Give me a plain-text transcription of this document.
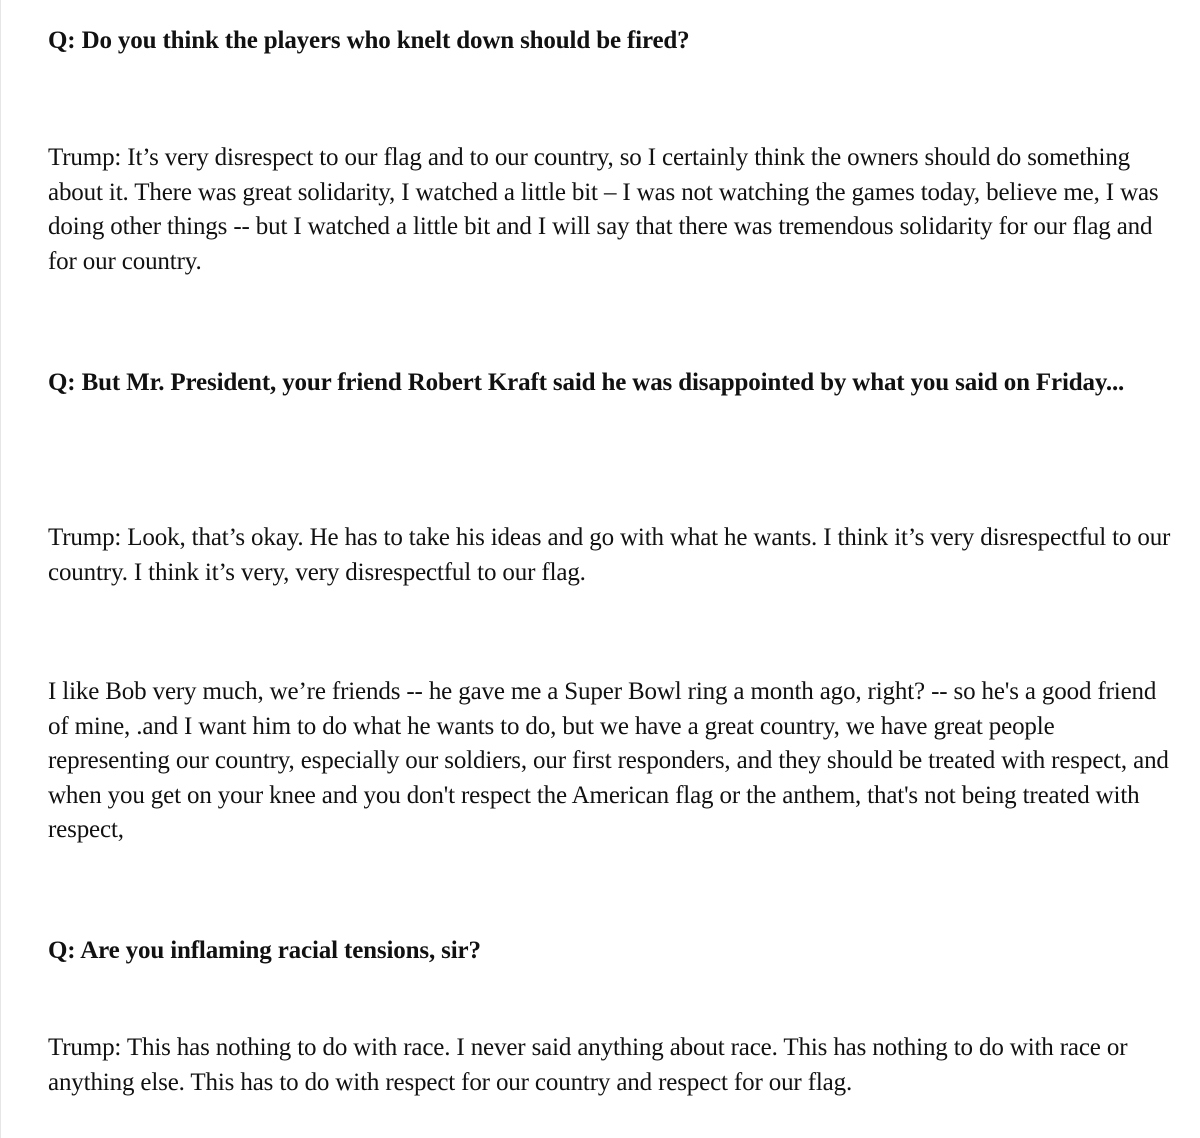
Q: Do you think the players who knelt down should be fired?

Trump: It’s very disrespect to our flag and to our country, so I certainly think the owners should do something about it. There was great solidarity, I watched a little bit – I was not watching the games today, believe me, I was doing other things -- but I watched a little bit and I will say that there was tremendous solidarity for our flag and for our country.

Q: But Mr. President, your friend Robert Kraft said he was disappointed by what you said on Friday...

Trump: Look, that’s okay. He has to take his ideas and go with what he wants. I think it’s very disrespectful to our country. I think it’s very, very disrespectful to our flag.

I like Bob very much, we’re friends -- he gave me a Super Bowl ring a month ago, right? -- so he's a good friend of mine, .and I want him to do what he wants to do, but we have a great country, we have great people representing our country, especially our soldiers, our first responders, and they should be treated with respect, and when you get on your knee and you don't respect the American flag or the anthem, that's not being treated with respect,

Q: Are you inflaming racial tensions, sir?

Trump: This has nothing to do with race. I never said anything about race. This has nothing to do with race or anything else. This has to do with respect for our country and respect for our flag.
